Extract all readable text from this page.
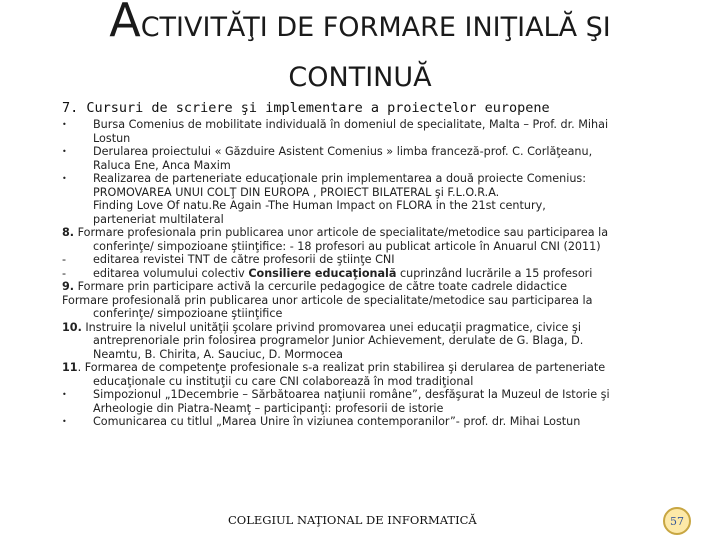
ACTIVITĂŢI DE FORMARE INIŢIALĂ ŞI
CONTINUĂ
7. Cursuri de scriere şi implementare a proiectelor europene
•	Bursa Comenius de mobilitate individuală în domeniul de specialitate, Malta – Prof. dr. Mihai
Lostun
•	Derularea proiectului « Găzduire Asistent Comenius » limba franceză-prof. C. Corlăţeanu,
Raluca Ene, Anca Maxim
•	Realizarea de parteneriate educaţionale prin implementarea a două proiecte Comenius:
PROMOVAREA UNUI COLŢ DIN EUROPA , PROIECT BILATERAL şi F.L.O.R.A.
Finding Love Of natu.Re Again -The Human Impact on FLORA in the 21st century,
parteneriat multilateral
8. Formare profesionala prin publicarea unor articole de specialitate/metodice sau participarea la
conferinţe/ simpozioane ştiinţifice: - 18 profesori au publicat articole în Anuarul CNI (2011)
-	editarea revistei TNT de către profesorii de ştiinţe CNI
-	editarea volumului colectiv Consiliere educaţională cuprinzând lucrările a 15 profesori
9. Formare prin participare activă la cercurile pedagogice de către toate cadrele didactice
Formare profesională prin publicarea unor articole de specialitate/metodice sau participarea la
conferinţe/ simpozioane ştiinţifice
10. Instruire la nivelul unităţii şcolare privind promovarea unei educaţii pragmatice, civice şi
antreprenoriale prin folosirea programelor Junior Achievement, derulate de G. Blaga, D.
Neamtu, B. Chirita, A. Sauciuc, D. Mormocea
11. Formarea de competenţe profesionale s-a realizat prin stabilirea şi derularea de parteneriate
educaţionale cu instituţii cu care CNI colaborează în mod tradiţional
•	Simpozionul „1Decembrie – Sărbătoarea naţiunii române”, desfăşurat la Muzeul de Istorie şi
Arheologie din Piatra-Neamţ – participanţi: profesorii de istorie
•	Comunicarea cu titlul „Marea Unire în viziunea contemporanilor”- prof. dr. Mihai Lostun
COLEGIUL NAŢIONAL DE INFORMATICĂ	57
